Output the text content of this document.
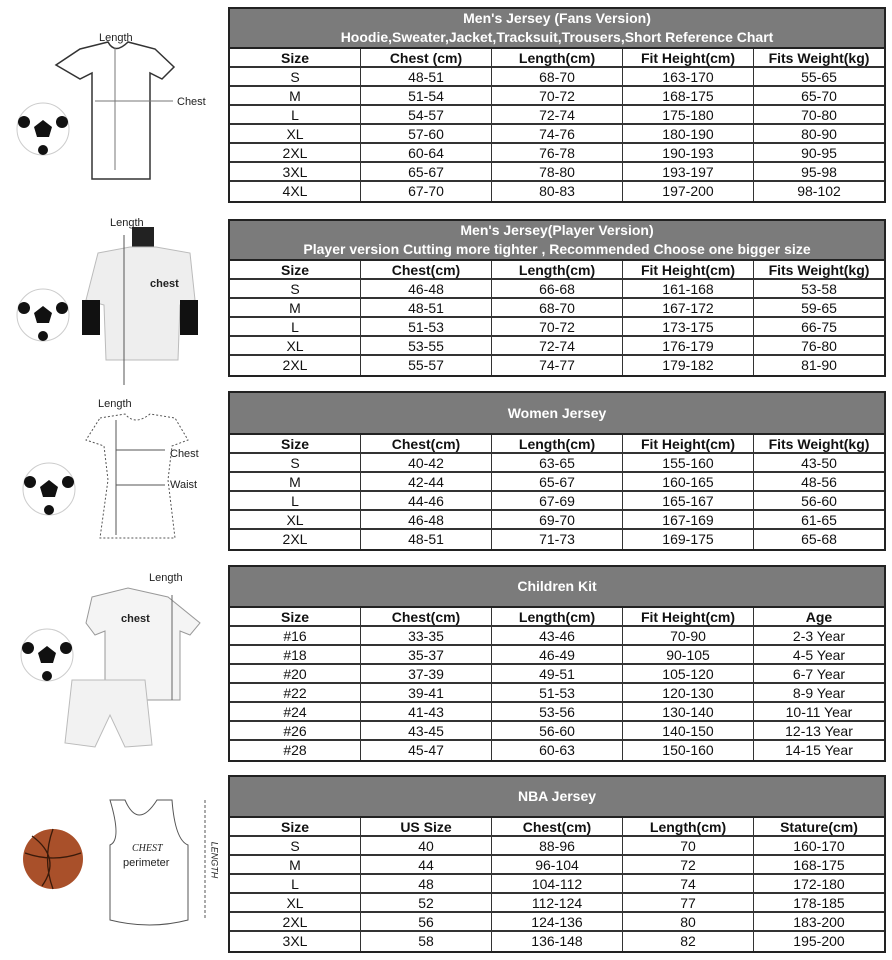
Men's Jersey (Fans Version)
Hoodie,Sweater,Jacket,Tracksuit,Trousers,Short Reference Chart
Size	Chest (cm)	Length(cm)	Fit Height(cm)	Fits Weight(kg)
S	48-51	68-70	163-170	55-65
M	51-54	70-72	168-175	65-70
L	54-57	72-74	175-180	70-80
XL	57-60	74-76	180-190	80-90
2XL	60-64	76-78	190-193	90-95
3XL	65-67	78-80	193-197	95-98
4XL	67-70	80-83	197-200	98-102
Men's Jersey(Player Version)
Player version Cutting more tighter , Recommended Choose one bigger size
Size	Chest(cm)	Length(cm)	Fit Height(cm)	Fits Weight(kg)
S	46-48	66-68	161-168	53-58
M	48-51	68-70	167-172	59-65
L	51-53	70-72	173-175	66-75
XL	53-55	72-74	176-179	76-80
2XL	55-57	74-77	179-182	81-90
Women Jersey
Size	Chest(cm)	Length(cm)	Fit Height(cm)	Fits Weight(kg)
S	40-42	63-65	155-160	43-50
M	42-44	65-67	160-165	48-56
L	44-46	67-69	165-167	56-60
XL	46-48	69-70	167-169	61-65
2XL	48-51	71-73	169-175	65-68
Children Kit
Size	Chest(cm)	Length(cm)	Fit Height(cm)	Age
#16	33-35	43-46	70-90	2-3 Year
#18	35-37	46-49	90-105	4-5 Year
#20	37-39	49-51	105-120	6-7 Year
#22	39-41	51-53	120-130	8-9 Year
#24	41-43	53-56	130-140	10-11 Year
#26	43-45	56-60	140-150	12-13 Year
#28	45-47	60-63	150-160	14-15 Year
NBA Jersey
Size	US Size	Chest(cm)	Length(cm)	Stature(cm)
S	40	88-96	70	160-170
M	44	96-104	72	168-175
L	48	104-112	74	172-180
XL	52	112-124	77	178-185
2XL	56	124-136	80	183-200
3XL	58	136-148	82	195-200
Length
Chest
Length
chest
Length
Chest
Waist
Length
chest
CHEST
perimeter	LENGTH
